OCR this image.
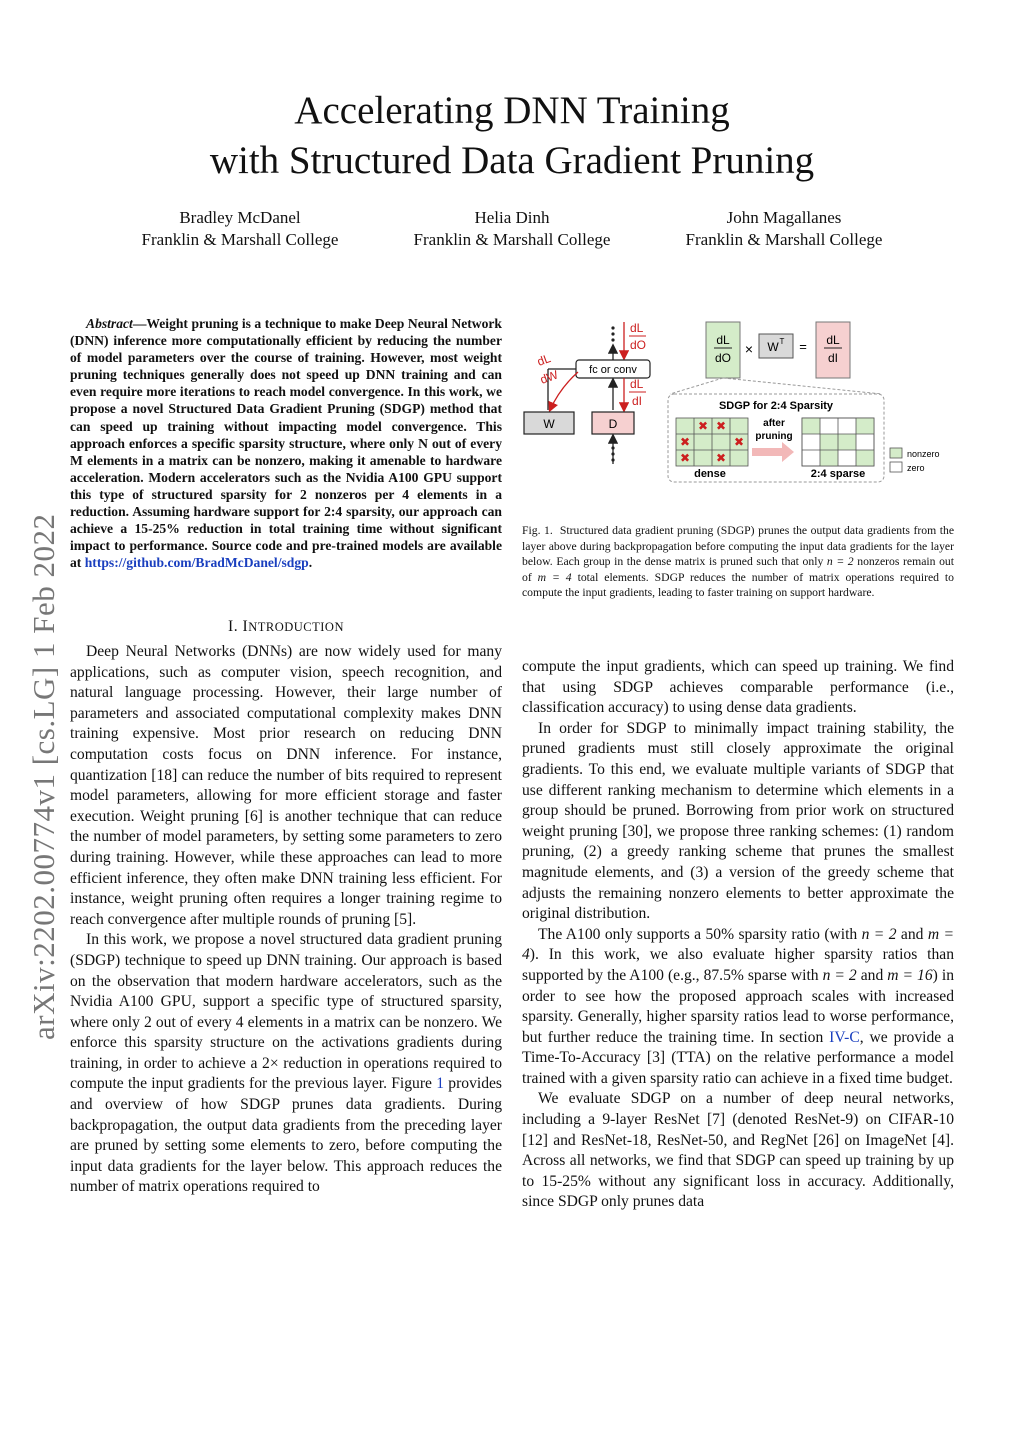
arXiv:2202.00774v1 [cs.LG] 1 Feb 2022
Accelerating DNN Training
with Structured Data Gradient Pruning
Bradley McDanel
Franklin & Marshall College
Helia Dinh
Franklin & Marshall College
John Magallanes
Franklin & Marshall College

Abstract—Weight pruning is a technique to make Deep Neural Network (DNN) inference more computationally efficient by reducing the number of model parameters over the course of training. However, most weight pruning techniques generally does not speed up DNN training and can even require more iterations to reach model convergence. In this work, we propose a novel Structured Data Gradient Pruning (SDGP) method that can speed up training without impacting model convergence. This approach enforces a specific sparsity structure, where only N out of every M elements in a matrix can be nonzero, making it amenable to hardware acceleration. Modern accelerators such as the Nvidia A100 GPU support this type of structured sparsity for 2 nonzeros per 4 elements in a reduction. Assuming hardware support for 2:4 sparsity, our approach can achieve a 15-25% reduction in total training time without significant impact to performance. Source code and pre-trained models are available at https://github.com/BradMcDanel/sdgp.

I. INTRODUCTION

Deep Neural Networks (DNNs) are now widely used for many applications, such as computer vision, speech recognition, and natural language processing. However, their large number of parameters and associated computational complexity makes DNN training expensive. Most prior research on reducing DNN computation costs focus on DNN inference. For instance, quantization [18] can reduce the number of bits required to represent model parameters, allowing for more efficient storage and faster execution. Weight pruning [6] is another technique that can reduce the number of model parameters, by setting some parameters to zero during training. However, while these approaches can lead to more efficient inference, they often make DNN training less efficient. For instance, weight pruning often requires a longer training regime to reach convergence after multiple rounds of pruning [5].

In this work, we propose a novel structured data gradient pruning (SDGP) technique to speed up DNN training. Our approach is based on the observation that modern hardware accelerators, such as the Nvidia A100 GPU, support a specific type of structured sparsity, where only 2 out of every 4 elements in a matrix can be nonzero. We enforce this sparsity structure on the activations gradients during training, in order to achieve a 2× reduction in operations required to compute the input gradients for the previous layer. Figure 1 provides and overview of how SDGP prunes data gradients. During backpropagation, the output data gradients from the preceding layer are pruned by setting some elements to zero, before computing the input data gradients for the layer below. This approach reduces the number of matrix operations required to

dL
dO
fc or conv
dL
dI
dL
dW
W	D
dL
dO
× W T = dL
dI
SDGP for 2:4 Sparsity
✖ ✖
✖	✖
✖ ✖
dense
after
pruning
2:4 sparse
nonzero
zero
Fig. 1. Structured data gradient pruning (SDGP) prunes the output data gradients from the layer above during backpropagation before computing the input data gradients for the layer below. Each group in the dense matrix is pruned such that only n = 2 nonzeros remain out of m = 4 total elements. SDGP reduces the number of matrix operations required to compute the input gradients, leading to faster training on support hardware.

compute the input gradients, which can speed up training. We find that using SDGP achieves comparable performance (i.e., classification accuracy) to using dense data gradients.

In order for SDGP to minimally impact training stability, the pruned gradients must still closely approximate the original gradients. To this end, we evaluate multiple variants of SDGP that use different ranking mechanism to determine which elements in a group should be pruned. Borrowing from prior work on structured weight pruning [30], we propose three ranking schemes: (1) random pruning, (2) a greedy ranking scheme that prunes the smallest magnitude elements, and (3) a version of the greedy scheme that adjusts the remaining nonzero elements to better approximate the original distribution.

The A100 only supports a 50% sparsity ratio (with n = 2 and m = 4). In this work, we also evaluate higher sparsity ratios than supported by the A100 (e.g., 87.5% sparse with n = 2 and m = 16) in order to see how the proposed approach scales with increased sparsity. Generally, higher sparsity ratios lead to worse performance, but further reduce the training time. In section IV-C, we provide a Time-To-Accuracy [3] (TTA) on the relative performance a model trained with a given sparsity ratio can achieve in a fixed time budget.

We evaluate SDGP on a number of deep neural networks, including a 9-layer ResNet [7] (denoted ResNet-9) on CIFAR-10 [12] and ResNet-18, ResNet-50, and RegNet [26] on ImageNet [4]. Across all networks, we find that SDGP can speed up training by up to 15-25% without any significant loss in accuracy. Additionally, since SDGP only prunes data
